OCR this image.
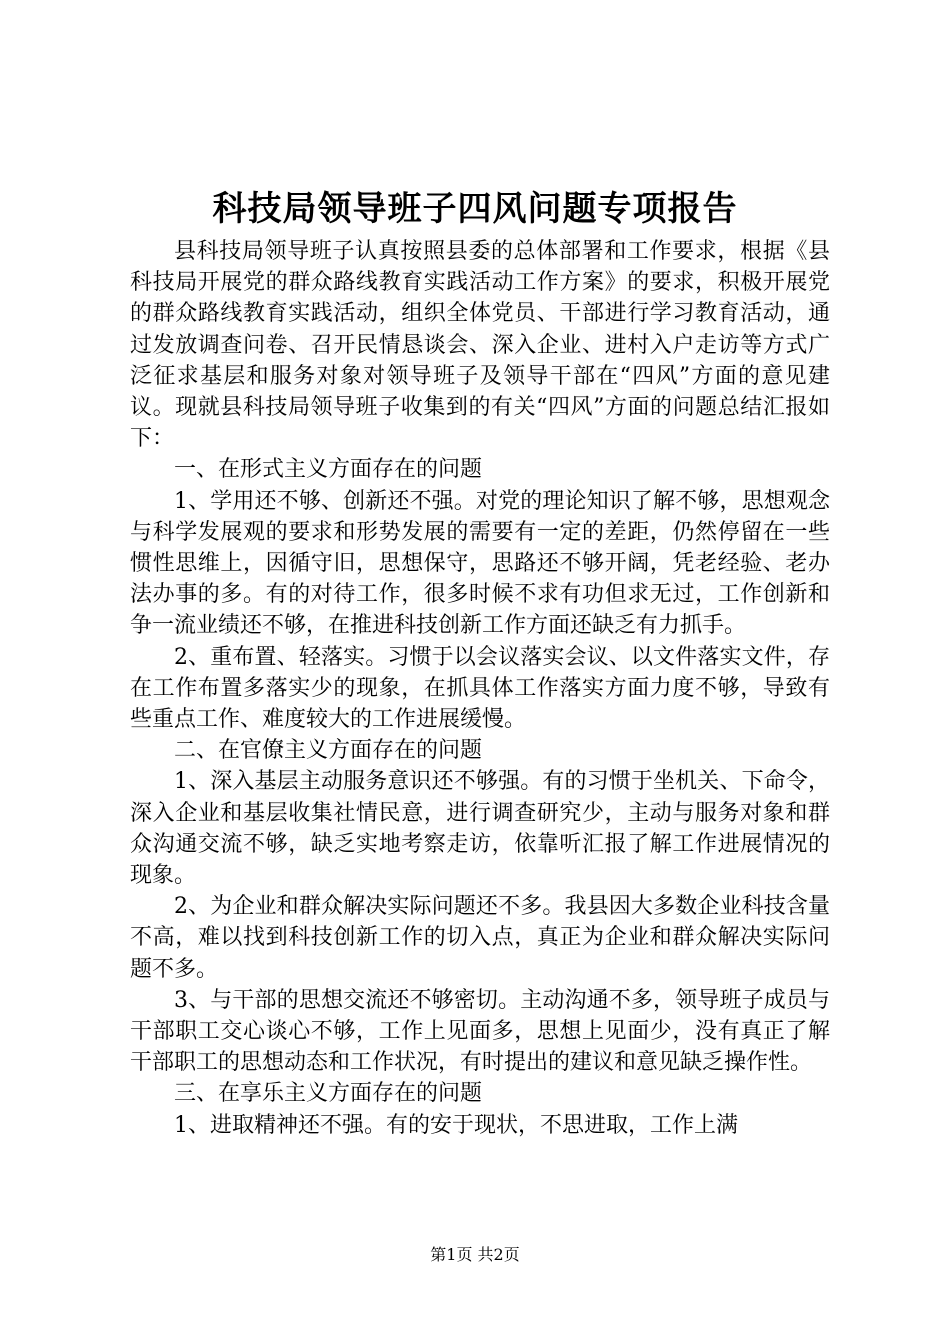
科技局领导班子四风问题专项报告

县科技局领导班子认真按照县委的总体部署和工作要求，根据《县科技局开展党的群众路线教育实践活动工作方案》的要求，积极开展党的群众路线教育实践活动，组织全体党员、干部进行学习教育活动，通过发放调查问卷、召开民情恳谈会、深入企业、进村入户走访等方式广泛征求基层和服务对象对领导班子及领导干部在“四风”方面的意见建议。现就县科技局领导班子收集到的有关“四风”方面的问题总结汇报如下：

一、在形式主义方面存在的问题

1、学用还不够、创新还不强。对党的理论知识了解不够，思想观念与科学发展观的要求和形势发展的需要有一定的差距，仍然停留在一些惯性思维上，因循守旧，思想保守，思路还不够开阔，凭老经验、老办法办事的多。有的对待工作，很多时候不求有功但求无过，工作创新和争一流业绩还不够，在推进科技创新工作方面还缺乏有力抓手。

2、重布置、轻落实。习惯于以会议落实会议、以文件落实文件，存在工作布置多落实少的现象，在抓具体工作落实方面力度不够，导致有些重点工作、难度较大的工作进展缓慢。

二、在官僚主义方面存在的问题

1、深入基层主动服务意识还不够强。有的习惯于坐机关、下命令，深入企业和基层收集社情民意，进行调查研究少，主动与服务对象和群众沟通交流不够，缺乏实地考察走访，依靠听汇报了解工作进展情况的现象。

2、为企业和群众解决实际问题还不多。我县因大多数企业科技含量不高，难以找到科技创新工作的切入点，真正为企业和群众解决实际问题不多。

3、与干部的思想交流还不够密切。主动沟通不多，领导班子成员与干部职工交心谈心不够，工作上见面多，思想上见面少，没有真正了解干部职工的思想动态和工作状况，有时提出的建议和意见缺乏操作性。

三、在享乐主义方面存在的问题

1、进取精神还不强。有的安于现状，不思进取，工作上满

第1页 共2页
